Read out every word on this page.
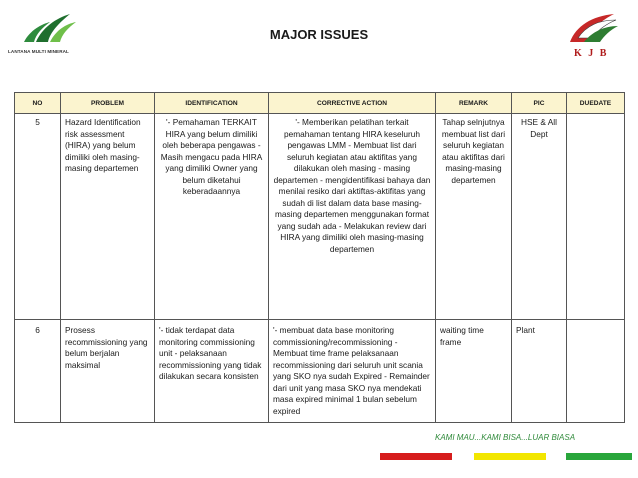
LANTANA MULTI MINERAL
MAJOR ISSUES
K J B
NO	PROBLEM	IDENTIFICATION	CORRECTIVE ACTION	REMARK	PIC	DUEDATE
5	Hazard Identification risk assessment (HIRA) yang belum dimiliki oleh masing-masing departemen	'- Pemahaman TERKAIT HIRA yang belum dimiliki oleh beberapa pengawas - Masih mengacu pada HIRA yang dimiliki Owner yang belum diketahui keberadaannya	'- Memberikan pelatihan terkait pemahaman tentang HIRA keseluruh pengawas LMM - Membuat list dari seluruh kegiatan atau aktifitas yang dilakukan oleh masing - masing departemen - mengidentifikasi bahaya dan menilai resiko dari aktiftas-aktifitas yang sudah di list dalam data base masing-masing departemen menggunakan format yang sudah ada - Melakukan review dari HIRA yang dimiliki oleh masing-masing departemen	Tahap selnjutnya membuat list dari seluruh kegiatan atau aktifitas dari masing-masing departemen	HSE & All Dept	
6	Prosess recommissioning yang belum berjalan maksimal	'- tidak terdapat data monitoring commissioning unit - pelaksanaan recommissioning yang tidak dilakukan secara konsisten	'- membuat data base monitoring commissioning/recommissioning - Membuat time frame pelaksanaan recommissioning dari seluruh unit scania yang SKO nya sudah Expired - Remainder dari unit yang masa SKO nya mendekati masa expired minimal 1 bulan sebelum expired	waiting time frame	Plant	
KAMI MAU...KAMI BISA...LUAR BIASA
